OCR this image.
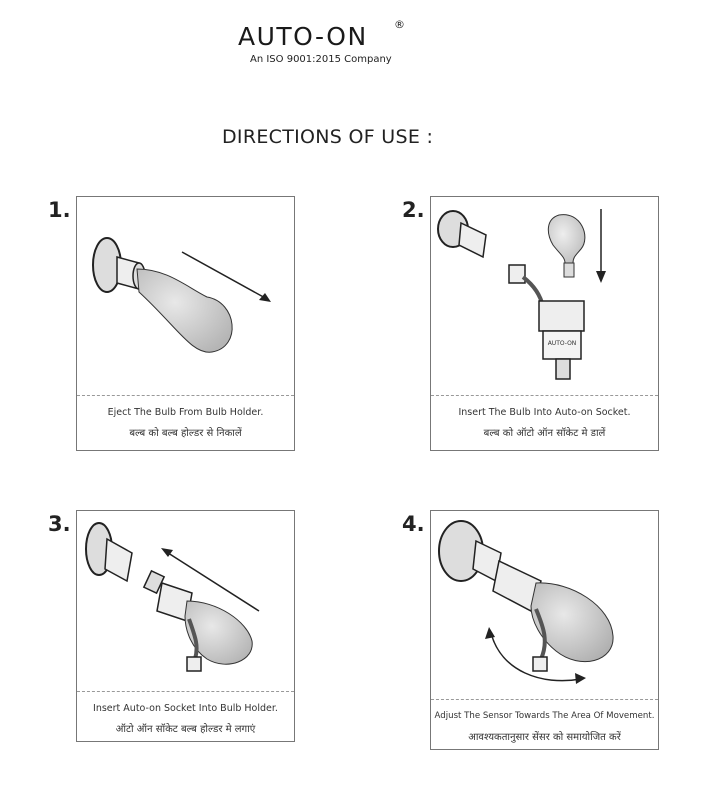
AUTO-ON ®
An ISO 9001:2015 Company
DIRECTIONS OF USE :
1.
Eject The Bulb From Bulb Holder.
बल्ब को बल्ब होल्डर से निकालें
2.
AUTO-ON
Insert The Bulb Into Auto-on Socket.
बल्ब को ऑटो ऑन सॉकेट मे डालें
3.
Insert Auto-on Socket Into Bulb Holder.
ऑटो ऑन सॉकेट बल्ब होल्डर मे लगाएं
4.
Adjust The Sensor Towards The Area Of Movement.
आवश्यकतानुसार सेंसर को समायोजित करें
